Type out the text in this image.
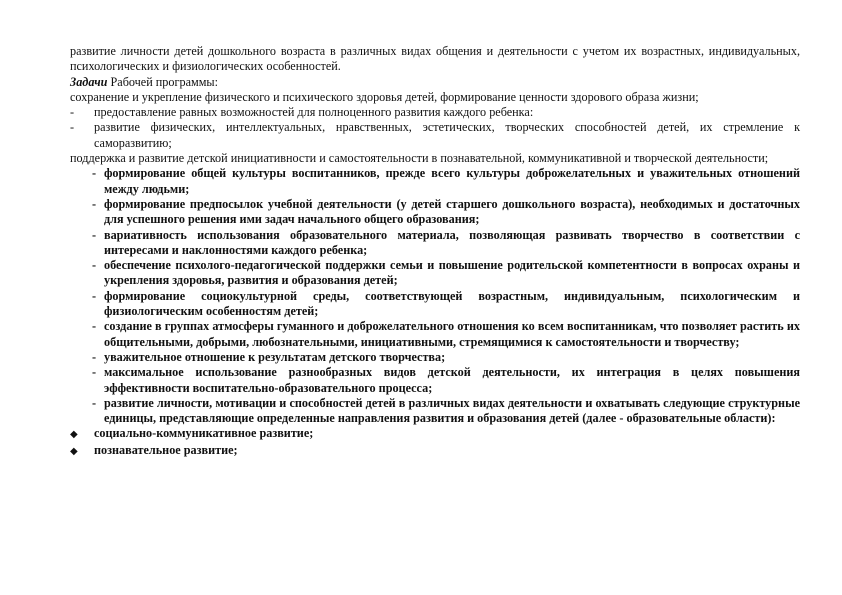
развитие личности детей дошкольного возраста в различных видах общения и деятельности с учетом их возрастных, индивидуальных, психологических и физиологических особенностей.

Задачи Рабочей программы:

сохранение и укрепление физического и психического здоровья детей, формирование ценности здорового образа жизни;

-	предоставление равных возможностей для полноценного развития каждого ребенка:
-	развитие физических, интеллектуальных, нравственных, эстетических, творческих способностей детей, их стремление к саморазвитию;

поддержка и развитие детской инициативности и самостоятельности в познавательной, коммуникативной и творческой деятельности;

- формирование общей культуры воспитанников, прежде всего культуры доброжелательных и уважительных отношений между людьми;
- формирование предпосылок учебной деятельности (у детей старшего дошкольного возраста), необходимых и достаточных для успешного решения ими задач начального общего образования;
- вариативность использования образовательного материала, позволяющая развивать творчество в соответствии с интересами и наклонностями каждого ребенка;
- обеспечение психолого-педагогической поддержки семьи и повышение родительской компетентности в вопросах охраны и укрепления здоровья, развития и образования детей;
- формирование социокультурной среды, соответствующей возрастным, индивидуальным, психологическим и физиологическим особенностям детей;
- создание в группах атмосферы гуманного и доброжелательного отношения ко всем воспитанникам, что позволяет растить их общительными, добрыми, любознательными, инициативными, стремящимися к самостоятельности и творчеству;
- уважительное отношение к результатам детского творчества;
- максимальное использование разнообразных видов детской деятельности, их интеграция в целях повышения эффективности воспитательно-образовательного процесса;
- развитие личности, мотивации и способностей детей в различных видах деятельности и охватывать следующие структурные единицы, представляющие определенные направления развития и образования детей (далее - образовательные области):
◆	социально-коммуникативное развитие;
◆	познавательное развитие;
